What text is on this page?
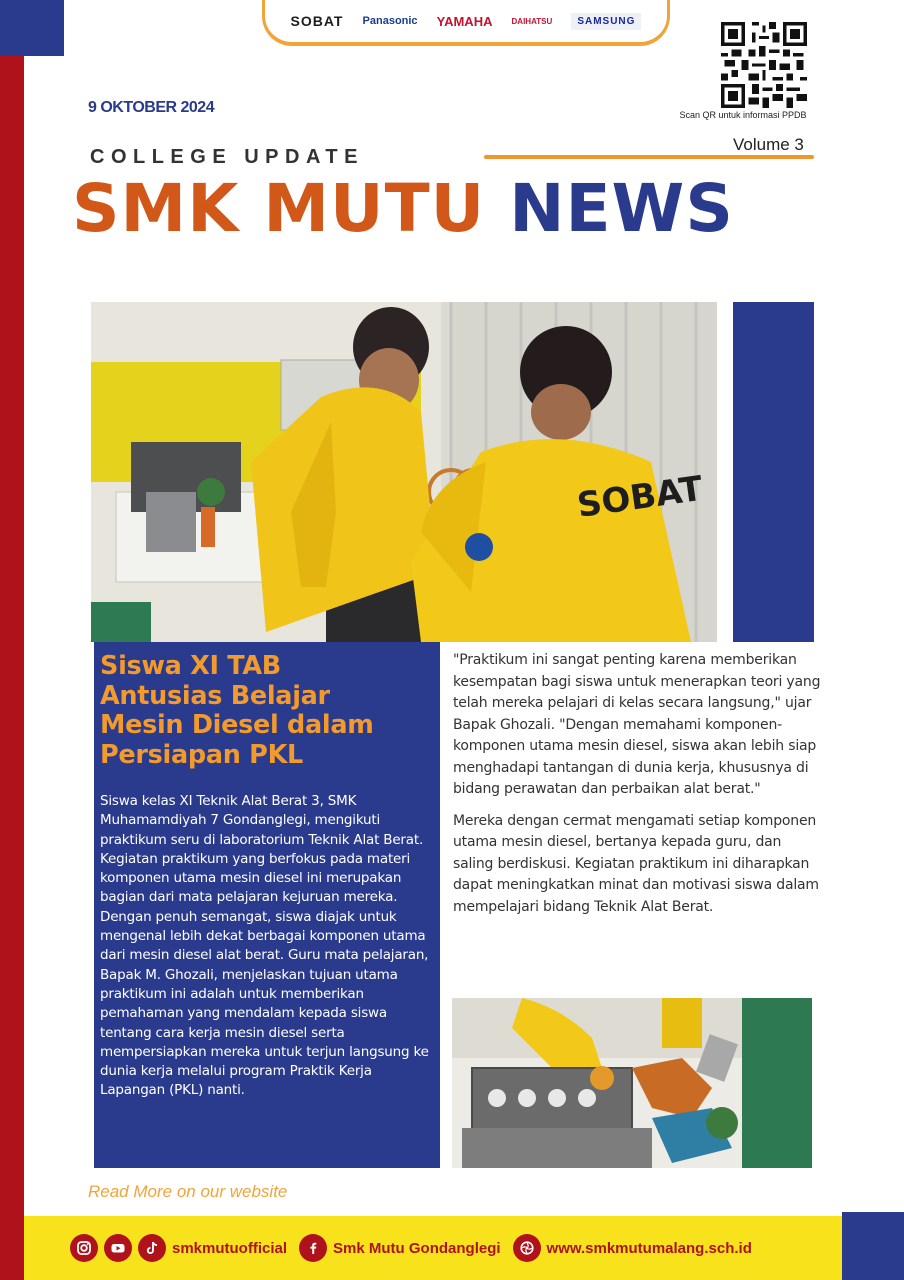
SOBAT Panasonic YAMAHA DAIHATSU	SAMSUNG
Scan QR untuk informasi PPDB
9 OKTOBER 2024
Volume 3
COLLEGE UPDATE
SMK MUTU NEWS
SOBAT
Siswa XI TAB
Antusias Belajar
Mesin Diesel dalam
Persiapan PKL

Siswa kelas XI Teknik Alat Berat 3, SMK Muhamamdiyah 7 Gondanglegi, mengikuti praktikum seru di laboratorium Teknik Alat Berat. Kegiatan praktikum yang berfokus pada materi komponen utama mesin diesel ini merupakan bagian dari mata pelajaran kejuruan mereka.

Dengan penuh semangat, siswa diajak untuk mengenal lebih dekat berbagai komponen utama dari mesin diesel alat berat. Guru mata pelajaran, Bapak M. Ghozali, menjelaskan tujuan utama praktikum ini adalah untuk memberikan pemahaman yang mendalam kepada siswa tentang cara kerja mesin diesel serta mempersiapkan mereka untuk terjun langsung ke dunia kerja melalui program Praktik Kerja Lapangan (PKL) nanti.

"Praktikum ini sangat penting karena memberikan kesempatan bagi siswa untuk menerapkan teori yang telah mereka pelajari di kelas secara langsung," ujar Bapak Ghozali. "Dengan memahami komponen-komponen utama mesin diesel, siswa akan lebih siap menghadapi tantangan di dunia kerja, khususnya di bidang perawatan dan perbaikan alat berat."

Mereka dengan cermat mengamati setiap komponen utama mesin diesel, bertanya kepada guru, dan saling berdiskusi. Kegiatan praktikum ini diharapkan dapat meningkatkan minat dan motivasi siswa dalam mempelajari bidang Teknik Alat Berat.

Read More on our website
smkmutuofficial	Smk Mutu Gondanglegi	www.smkmutumalang.sch.id
